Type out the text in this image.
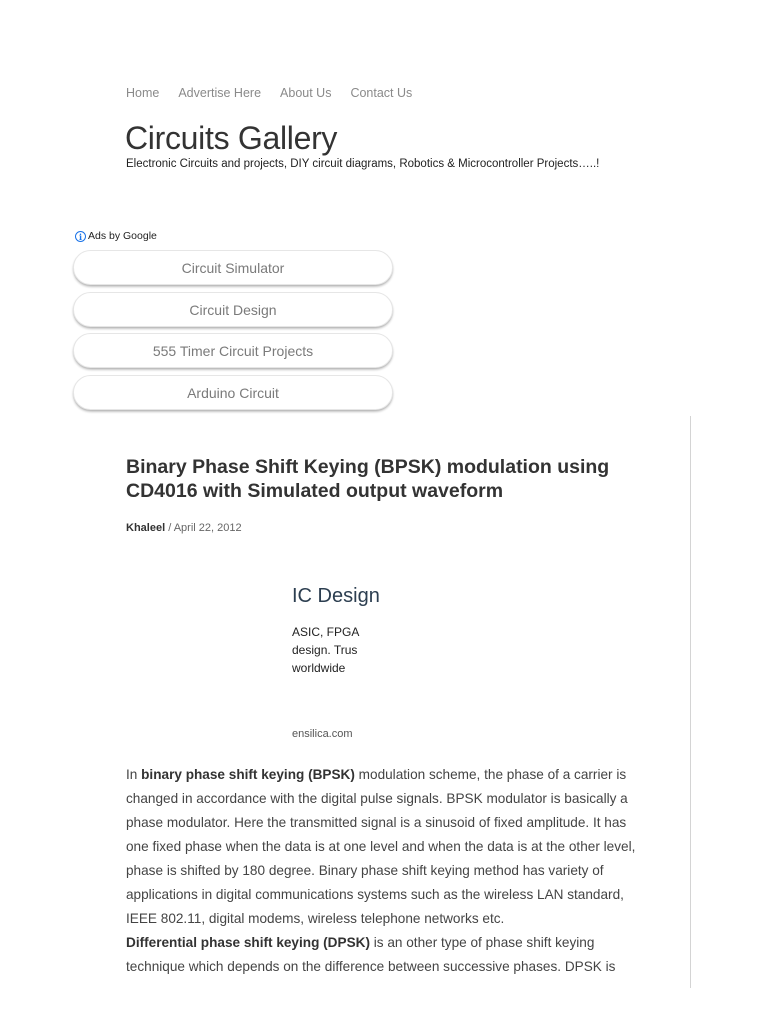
Home Advertise Here About Us Contact Us
Circuits Gallery

Electronic Circuits and projects, DIY circuit diagrams, Robotics & Microcontroller Projects…..!

i Ads by Google
Circuit Simulator
Circuit Design
555 Timer Circuit Projects
Arduino Circuit
Binary Phase Shift Keying (BPSK) modulation using CD4016 with Simulated output waveform
Khaleel / April 22, 2012
IC Design
ASIC, FPGA
design. Trus
worldwide
ensilica.com

In binary phase shift keying (BPSK) modulation scheme, the phase of a carrier is changed in accordance with the digital pulse signals. BPSK modulator is basically a phase modulator. Here the transmitted signal is a sinusoid of fixed amplitude. It has one fixed phase when the data is at one level and when the data is at the other level, phase is shifted by 180 degree. Binary phase shift keying method has variety of applications in digital communications systems such as the wireless LAN standard, IEEE 802.11, digital modems, wireless telephone networks etc.

Differential phase shift keying (DPSK) is an other type of phase shift keying technique which depends on the difference between successive phases. DPSK is
